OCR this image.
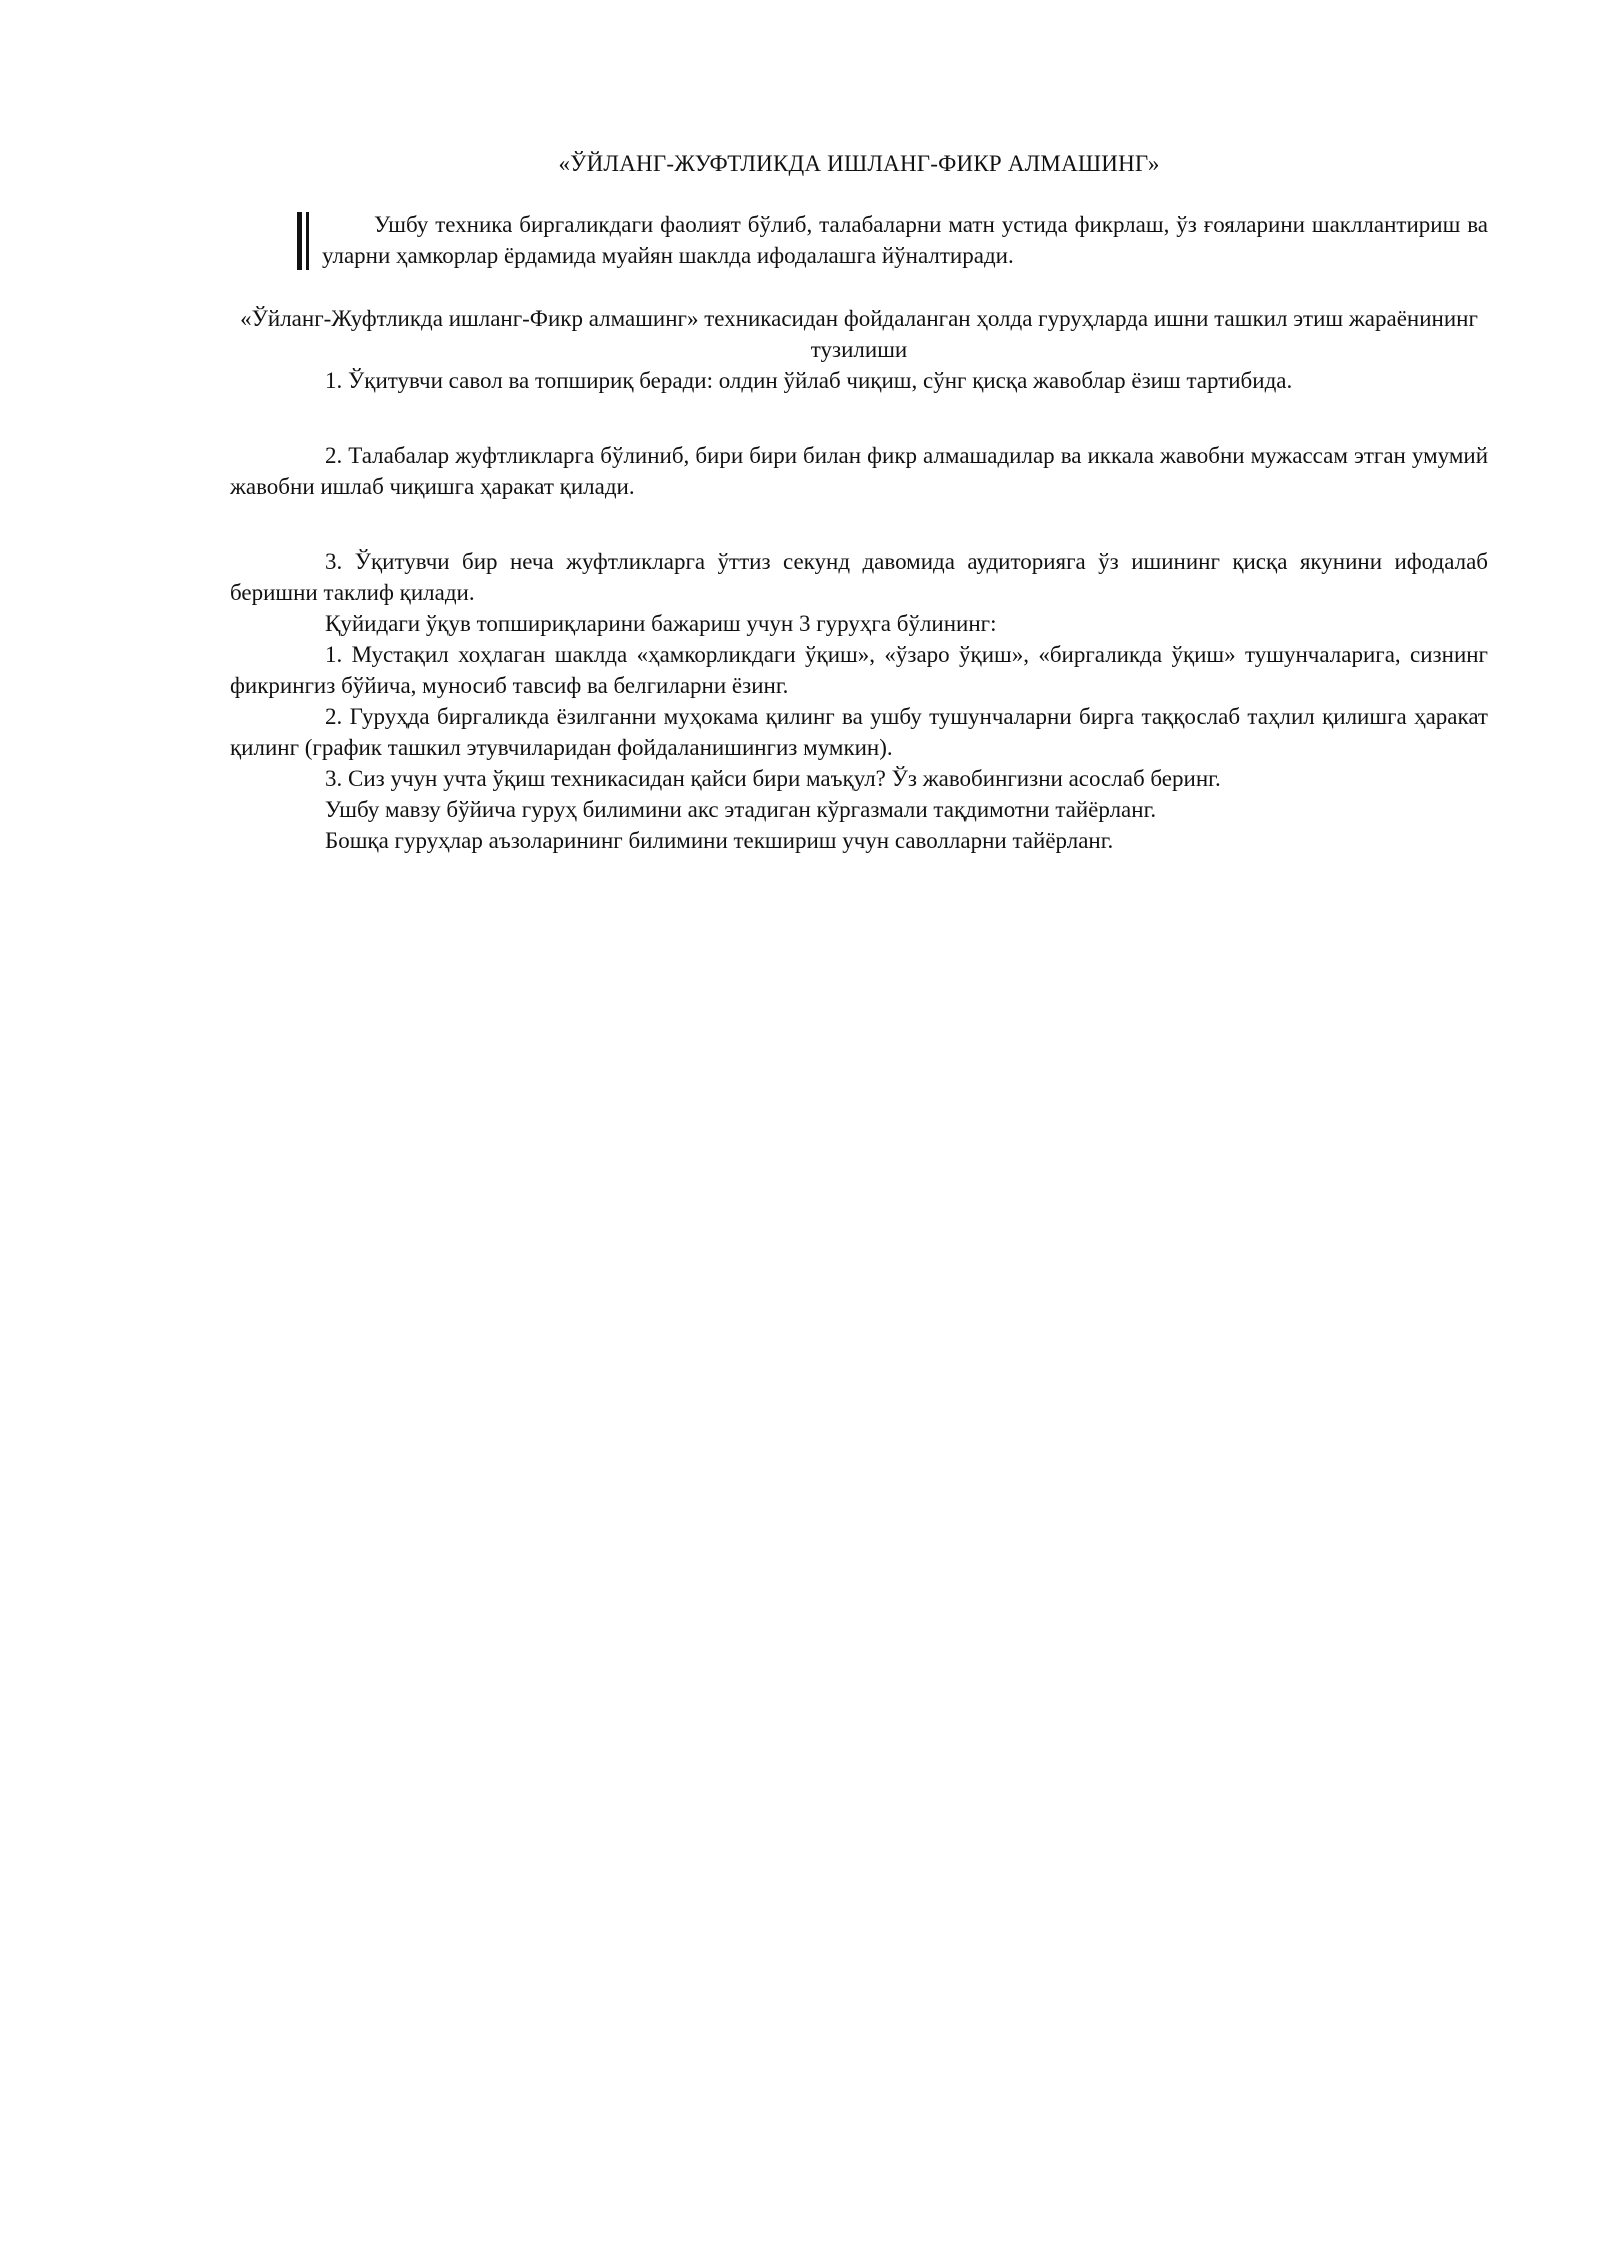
«ЎЙЛАНГ-ЖУФТЛИКДА ИШЛАНГ-ФИКР АЛМАШИНГ»
Ушбу техника биргаликдаги фаолият бўлиб, талабаларни матн устида фикрлаш, ўз ғояларини шакллантириш ва уларни ҳамкорлар ёрдамида муайян шаклда ифодалашга йўналтиради.
«Ўйланг-Жуфтликда ишланг-Фикр алмашинг» техникасидан фойдаланган ҳолда гуруҳларда ишни ташкил этиш жараёнининг тузилиши

1. Ўқитувчи савол ва топшириқ беради: олдин ўйлаб чиқиш, сўнг қисқа жавоблар ёзиш тартибида.

2. Талабалар жуфтликларга бўлиниб, бири бири билан фикр алмашадилар ва иккала жавобни мужассам этган умумий жавобни ишлаб чиқишга ҳаракат қилади.

3. Ўқитувчи бир неча жуфтликларга ўттиз секунд давомида аудиторияга ўз ишининг қисқа якунини ифодалаб беришни таклиф қилади.

Қуйидаги ўқув топшириқларини бажариш учун 3 гуруҳга бўлининг:

1. Мустақил хоҳлаган шаклда «ҳамкорликдаги ўқиш», «ўзаро ўқиш», «биргаликда ўқиш» тушунчаларига, сизнинг фикрингиз бўйича, муносиб тавсиф ва белгиларни ёзинг.

2. Гуруҳда биргаликда ёзилганни муҳокама қилинг ва ушбу тушунчаларни бирга таққослаб таҳлил қилишга ҳаракат қилинг (график ташкил этувчиларидан фойдаланишингиз мумкин).

3. Сиз учун учта ўқиш техникасидан қайси бири маъқул? Ўз жавобингизни асослаб беринг.

Ушбу мавзу бўйича гуруҳ билимини акс этадиган кўргазмали тақдимотни тайёрланг.

Бошқа гуруҳлар аъзоларининг билимини текшириш учун саволларни тайёрланг.
